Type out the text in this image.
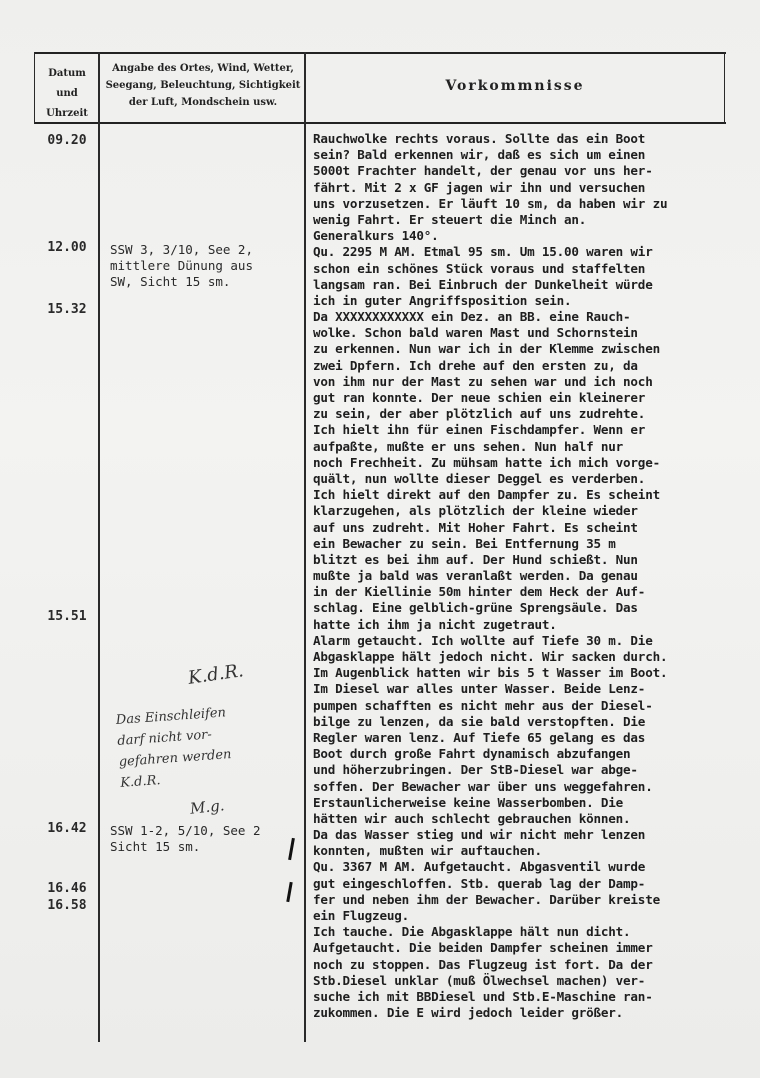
Datum
und
Uhrzeit
Angabe des Ortes, Wind, Wetter,
Seegang, Beleuchtung, Sichtigkeit
der Luft, Mondschein usw.
Vorkommnisse
09.20
12.00
15.32
15.51
16.42
16.46
16.58
SSW 3, 3/10, See 2,
mittlere Dünung aus
SW, Sicht 15 sm.
SSW 1-2, 5/10, See 2
Sicht 15 sm.
Rauchwolke rechts voraus. Sollte das ein Boot
sein? Bald erkennen wir, daß es sich um einen
5000t Frachter handelt, der genau vor uns her-
fährt. Mit 2 x GF jagen wir ihn und versuchen
uns vorzusetzen. Er läuft 10 sm, da haben wir zu
wenig Fahrt. Er steuert die Minch an.
Generalkurs 140°.
Qu. 2295 M AM. Etmal 95 sm. Um 15.00 waren wir
schon ein schönes Stück voraus und staffelten
langsam ran. Bei Einbruch der Dunkelheit würde
ich in guter Angriffsposition sein.
Da XXXXXXXXXXXX ein Dez. an BB. eine Rauch-
wolke. Schon bald waren Mast und Schornstein
zu erkennen. Nun war ich in der Klemme zwischen
zwei Dpfern. Ich drehe auf den ersten zu, da
von ihm nur der Mast zu sehen war und ich noch
gut ran konnte. Der neue schien ein kleinerer
zu sein, der aber plötzlich auf uns zudrehte.
Ich hielt ihn für einen Fischdampfer. Wenn er
aufpaßte, mußte er uns sehen. Nun half nur
noch Frechheit. Zu mühsam hatte ich mich vorge-
quält, nun wollte dieser Deggel es verderben.
Ich hielt direkt auf den Dampfer zu. Es scheint
klarzugehen, als plötzlich der kleine wieder
auf uns zudreht. Mit Hoher Fahrt. Es scheint
ein Bewacher zu sein. Bei Entfernung 35 m
blitzt es bei ihm auf. Der Hund schießt. Nun
mußte ja bald was veranlaßt werden. Da genau
in der Kiellinie 50m hinter dem Heck der Auf-
schlag. Eine gelblich-grüne Sprengsäule. Das
hatte ich ihm ja nicht zugetraut.
Alarm getaucht. Ich wollte auf Tiefe 30 m. Die
Abgasklappe hält jedoch nicht. Wir sacken durch.
Im Augenblick hatten wir bis 5 t Wasser im Boot.
Im Diesel war alles unter Wasser. Beide Lenz-
pumpen schafften es nicht mehr aus der Diesel-
bilge zu lenzen, da sie bald verstopften. Die
Regler waren lenz. Auf Tiefe 65 gelang es das
Boot durch große Fahrt dynamisch abzufangen
und höherzubringen. Der StB-Diesel war abge-
soffen. Der Bewacher war über uns weggefahren.
Erstaunlicherweise keine Wasserbomben. Die
hätten wir auch schlecht gebrauchen können.
Da das Wasser stieg und wir nicht mehr lenzen
konnten, mußten wir auftauchen.
Qu. 3367 M AM. Aufgetaucht. Abgasventil wurde
gut eingeschloffen. Stb. querab lag der Damp-
fer und neben ihm der Bewacher. Darüber kreiste
ein Flugzeug.
Ich tauche. Die Abgasklappe hält nun dicht.
Aufgetaucht. Die beiden Dampfer scheinen immer
noch zu stoppen. Das Flugzeug ist fort. Da der
Stb.Diesel unklar (muß Ölwechsel machen) ver-
suche ich mit BBDiesel und Stb.E-Maschine ran-
zukommen. Die E wird jedoch leider größer.
K.d.R.
Das Einschleifen
darf nicht vor-
gefahren werden
K.d.R.
M.g.
